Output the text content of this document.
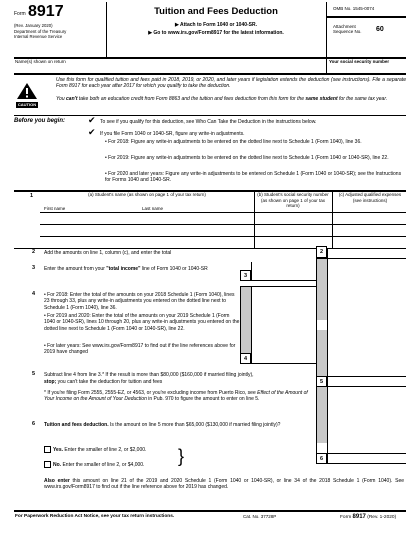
Form 8917
(Rev. January 2020)
Department of the Treasury
Internal Revenue Service
Tuition and Fees Deduction
▶ Attach to Form 1040 or 1040-SR.
▶ Go to www.irs.gov/Form8917 for the latest information.
OMB No. 1545-0074
Attachment
Sequence No. 60
Name(s) shown on return	Your social security number
CAUTION
Use this form for qualified tuition and fees paid in 2018, 2019, or 2020, and later years if legislation extends the deduction (see instructions). File a separate Form 8917 for each year after 2017 for which you qualify to take the deduction.
You can't take both an education credit from Form 8863 and the tuition and fees deduction from this form for the same student for the same tax year.
Before you begin:	✔ To see if you qualify for this deduction, see Who Can Take the Deduction in the instructions below.
✔ If you file Form 1040 or 1040-SR, figure any write-in adjustments.
• For 2018: Figure any write-in adjustments to be entered on the dotted line next to Schedule 1 (Form 1040), line 36.
• For 2019: Figure any write-in adjustments to be entered on the dotted line next to Schedule 1 (Form 1040 or 1040-SR), line 22.
• For 2020 and later years: Figure any write-in adjustments to be entered on Schedule 1 (Form 1040 or 1040-SR); see the Instructions for Forms 1040 and 1040-SR.
1	(a) Student's name (as shown on page 1 of your tax return)
First name	Last name
(b) Student's social security number (as shown on page 1 of your tax return)
(c) Adjusted qualified expenses (see instructions)
2 Add the amounts on line 1, column (c), and enter the total	2
3 Enter the amount from your "total income" line of Form 1040 or 1040-SR
3
4 • For 2018: Enter the total of the amounts on your 2018 Schedule 1 (Form 1040), lines 23 through 33, plus any write-in adjustments you entered on the dotted line next to Schedule 1 (Form 1040), line 36.
• For 2019 and 2020: Enter the total of the amounts on your 2019 Schedule 1 (Form 1040 or 1040-SR), lines 10 through 20, plus any write-in adjustments you entered on the dotted line next to Schedule 1 (Form 1040 or 1040-SR), line 22.
• For later years: See www.irs.gov/Form8917 to find out if the line references above for 2019 have changed
4
5 Subtract line 4 from line 3.* If the result is more than $80,000 ($160,000 if married filing jointly),
stop; you can't take the deduction for tuition and fees	5
* If you're filing Form 2555, 2555-EZ, or 4563, or you're excluding income from Puerto Rico, see Effect of the Amount of Your Income on the Amount of Your Deduction in Pub. 970 to figure the amount to enter on line 5.
6 Tuition and fees deduction. Is the amount on line 5 more than $65,000 ($130,000 if married filing jointly)?
Yes. Enter the smaller of line 2, or $2,000.
No. Enter the smaller of line 2, or $4,000. }	6
Also enter this amount on line 21 of the 2019 and 2020 Schedule 1 (Form 1040 or 1040-SR), or line 34 of the 2018 Schedule 1 (Form 1040). See www.irs.gov/Form8917 to find out if the line reference above for 2019 has changed.
For Paperwork Reduction Act Notice, see your tax return instructions.	Cat. No. 37728P	Form 8917 (Rev. 1-2020)
